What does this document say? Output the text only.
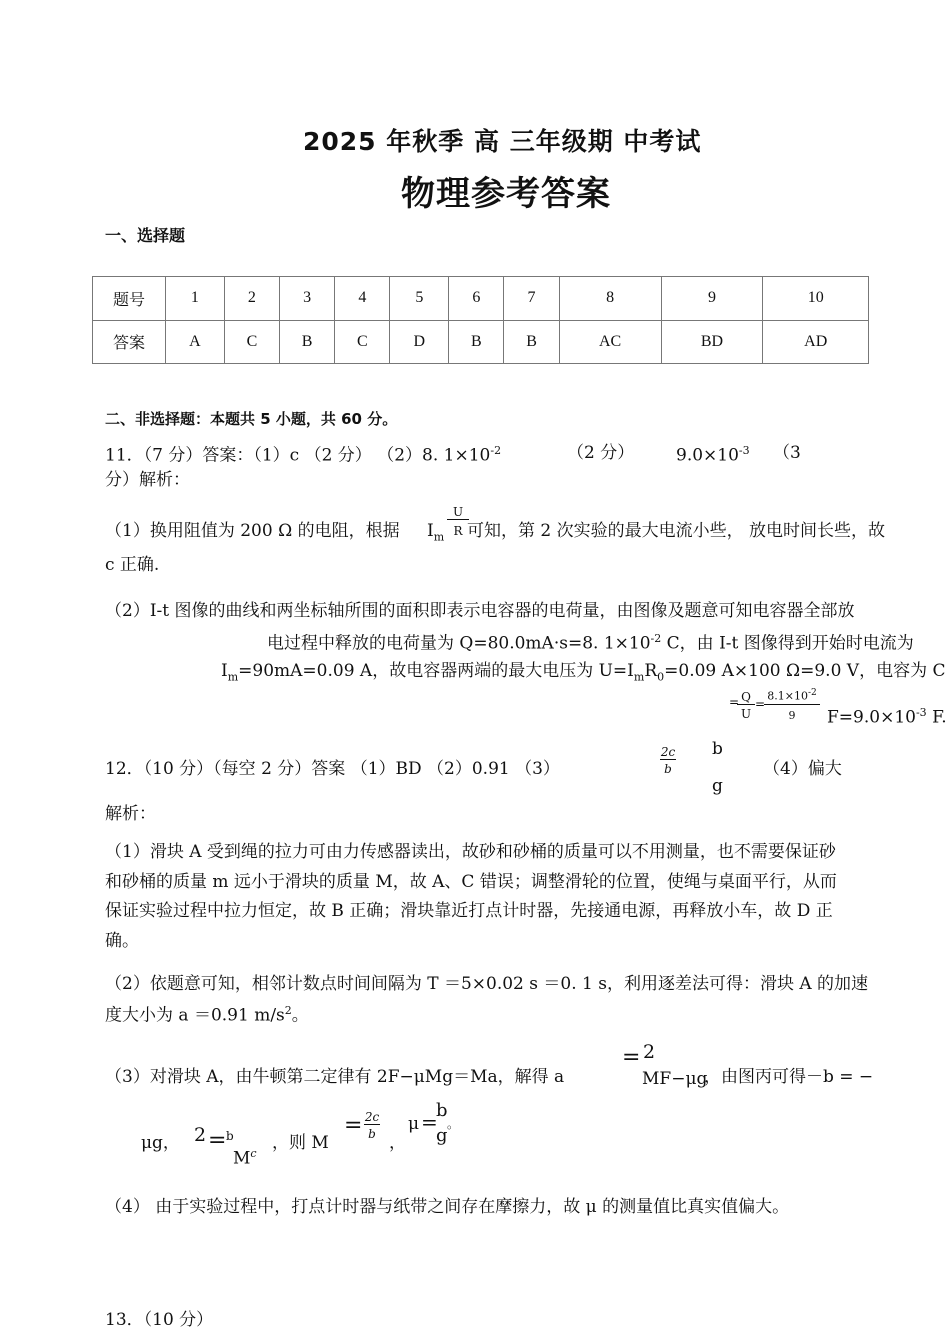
2025 年秋季 高 三年级期 中考试
物理参考答案
一、选择题
题号	1	2	3	4	5	6	7	8	9	10
答案	A	C	B	C	D	B	B	AC	BD	AD
二、非选择题：本题共 5 小题，共 60 分。
11．（7 分）答案：（1）c （2 分） （2）8. $1\times 10^{-2}$	（2 分） $9.0\times 10^{-3}$ （3
分）解析：
（1）换用阻值为 200 Ω 的电阻，根据 $I_m \frac{U}{R}$
可知，第 2 次实验的最大电流小些， 放电时间长些，故
c 正确.
（2）I-t 图像的曲线和两坐标轴所围的面积即表示电容器的电荷量，由图像及题意可知电容器全部放
电过程中释放的电荷量为 Q=80.0mA·s=8. $1\times 10^{-2}$ C，由 I-t 图像得到开始时电流为
$I_m=90mA=0.09$ A，故电容器两端的最大电压为 $U=I_mR_0=0.09$ A×100 Ω=9.0 V，电容为 C
=
$\frac{Q}{U}$ =
$\frac{8.1\times 10^{-2}}{9} F=9.0\times 10^{-3}$ F.
12．（10 分）（每空 2 分）答案 （1）BD （2）0.91 （3）	$\frac{2c}{b}$ b
g
（4）偏大
解析：
（1）滑块 A 受到绳的拉力可由力传感器读出，故砂和砂桶的质量可以不用测量，也不需要保证砂
和砂桶的质量 m 远小于滑块的质量 M，故 A、C 错误；调整滑轮的位置，使绳与桌面平行，从而
保证实验过程中拉力恒定，故 B 正确；滑块靠近打点计时器，先接通电源，再释放小车，故 D 正
确。
（2）依题意可知，相邻计数点时间间隔为 T ＝5×0.02 s ＝0. 1 s，利用逐差法可得：滑块 A 的加速
度大小为 a ＝0.91 $m/s^2$。
（3）对滑块 A，由牛顿第二定律有 2F−μMg＝Ma，解得 a
= 2
MF−μg
，由图丙可得－b = −
μg， 2 = b
$M^c$
，则 M
= $\frac{2c}{b}$
，
μ =
b
。
g
（4） 由于实验过程中，打点计时器与纸带之间存在摩擦力，故 μ 的测量值比真实值偏大。
13．（10 分）
